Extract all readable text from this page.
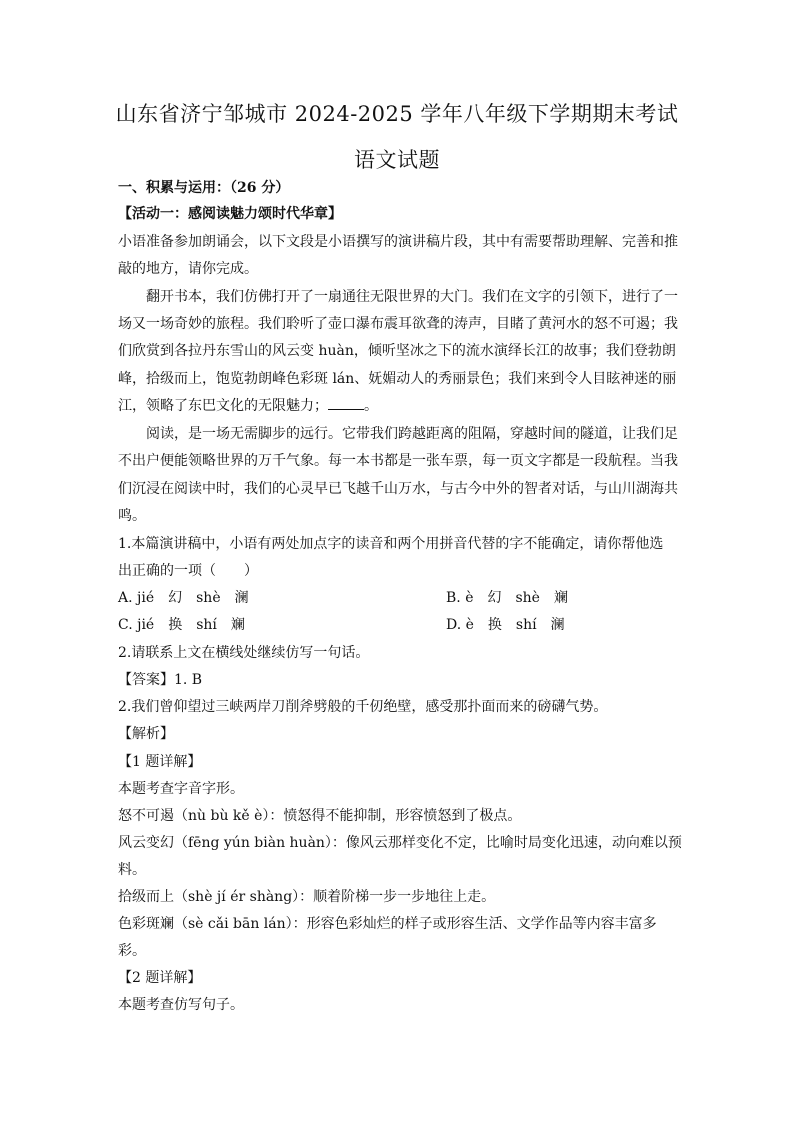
山东省济宁邹城市 2024-2025 学年八年级下学期期末考试
语文试题
一、积累与运用：（26 分）
【活动一：感阅读魅力颂时代华章】
小语准备参加朗诵会，以下文段是小语撰写的演讲稿片段，其中有需要帮助理解、完善和推
敲的地方，请你完成。
翻开书本，我们仿佛打开了一扇通往无限世界的大门。我们在文字的引领下，进行了一
场又一场奇妙的旅程。我们聆听了壶口瀑布震耳欲聋的涛声，目睹了黄河水的怒不可遏；我
们欣赏到各拉丹东雪山的风云变 huàn，倾听坚冰之下的流水演绎长江的故事；我们登勃朗
峰，拾级而上，饱览勃朗峰色彩斑 lán、妩媚动人的秀丽景色；我们来到令人目眩神迷的丽
江，领略了东巴文化的无限魅力；	。
阅读，是一场无需脚步的远行。它带我们跨越距离的阻隔，穿越时间的隧道，让我们足
不出户便能领略世界的万千气象。每一本书都是一张车票，每一页文字都是一段航程。当我
们沉浸在阅读中时，我们的心灵早已飞越千山万水，与古今中外的智者对话，与山川湖海共
鸣。
1.本篇演讲稿中，小语有两处加点字的读音和两个用拼音代替的字不能确定，请你帮他选
出正确的一项（　　）
A. jié　幻　shè　澜	B. è　幻　shè　斓
C. jié　换　shí　斓	D. è　换　shí　澜
2.请联系上文在横线处继续仿写一句话。
【答案】1. B
2.我们曾仰望过三峡两岸刀削斧劈般的千仞绝壁，感受那扑面而来的磅礴气势。
【解析】
【1 题详解】
本题考查字音字形。
怒不可遏（nù bù kě è）：愤怒得不能抑制，形容愤怒到了极点。
风云变幻（fēng yún biàn huàn）：像风云那样变化不定，比喻时局变化迅速，动向难以预
料。
拾级而上（shè jí ér shàng）：顺着阶梯一步一步地往上走。
色彩斑斓（sè cǎi bān lán）：形容色彩灿烂的样子或形容生活、文学作品等内容丰富多
彩。
【2 题详解】
本题考查仿写句子。
